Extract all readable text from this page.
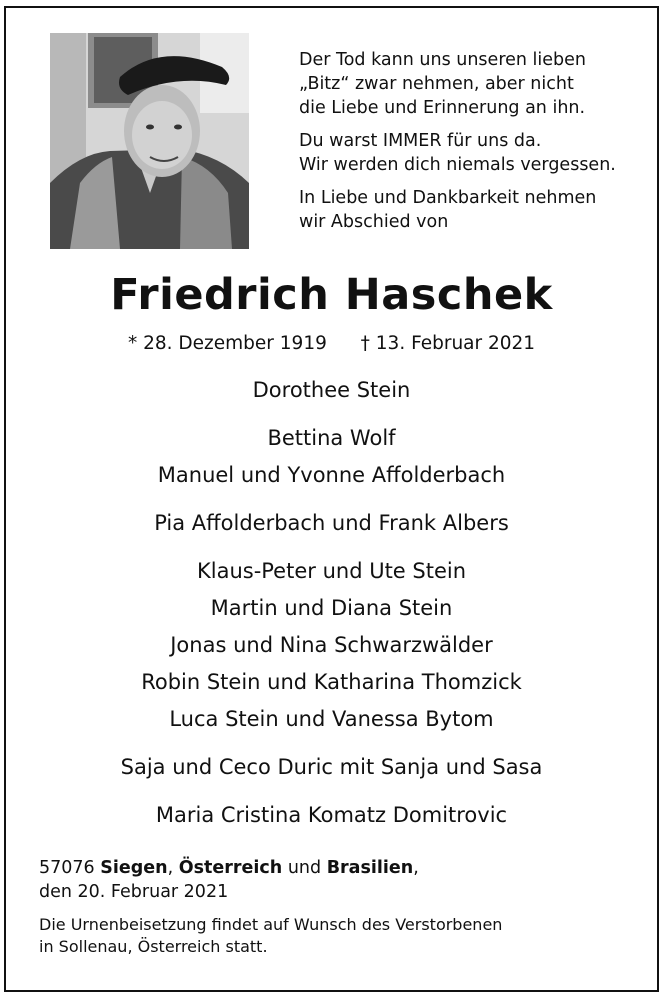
Der Tod kann uns unseren lieben
„Bitz“ zwar nehmen, aber nicht
die Liebe und Erinnerung an ihn.

Du warst IMMER für uns da.
Wir werden dich niemals vergessen.

In Liebe und Dankbarkeit nehmen
wir Abschied von

Friedrich Haschek
* 28. Dezember 1919 † 13. Februar 2021
Dorothee Stein
Bettina Wolf
Manuel und Yvonne Affolderbach
Pia Affolderbach und Frank Albers
Klaus-Peter und Ute Stein
Martin und Diana Stein
Jonas und Nina Schwarzwälder
Robin Stein und Katharina Thomzick
Luca Stein und Vanessa Bytom
Saja und Ceco Duric mit Sanja und Sasa
Maria Cristina Komatz Domitrovic
57076 Siegen, Österreich und Brasilien,
den 20. Februar 2021
Die Urnenbeisetzung findet auf Wunsch des Verstorbenen
in Sollenau, Österreich statt.
